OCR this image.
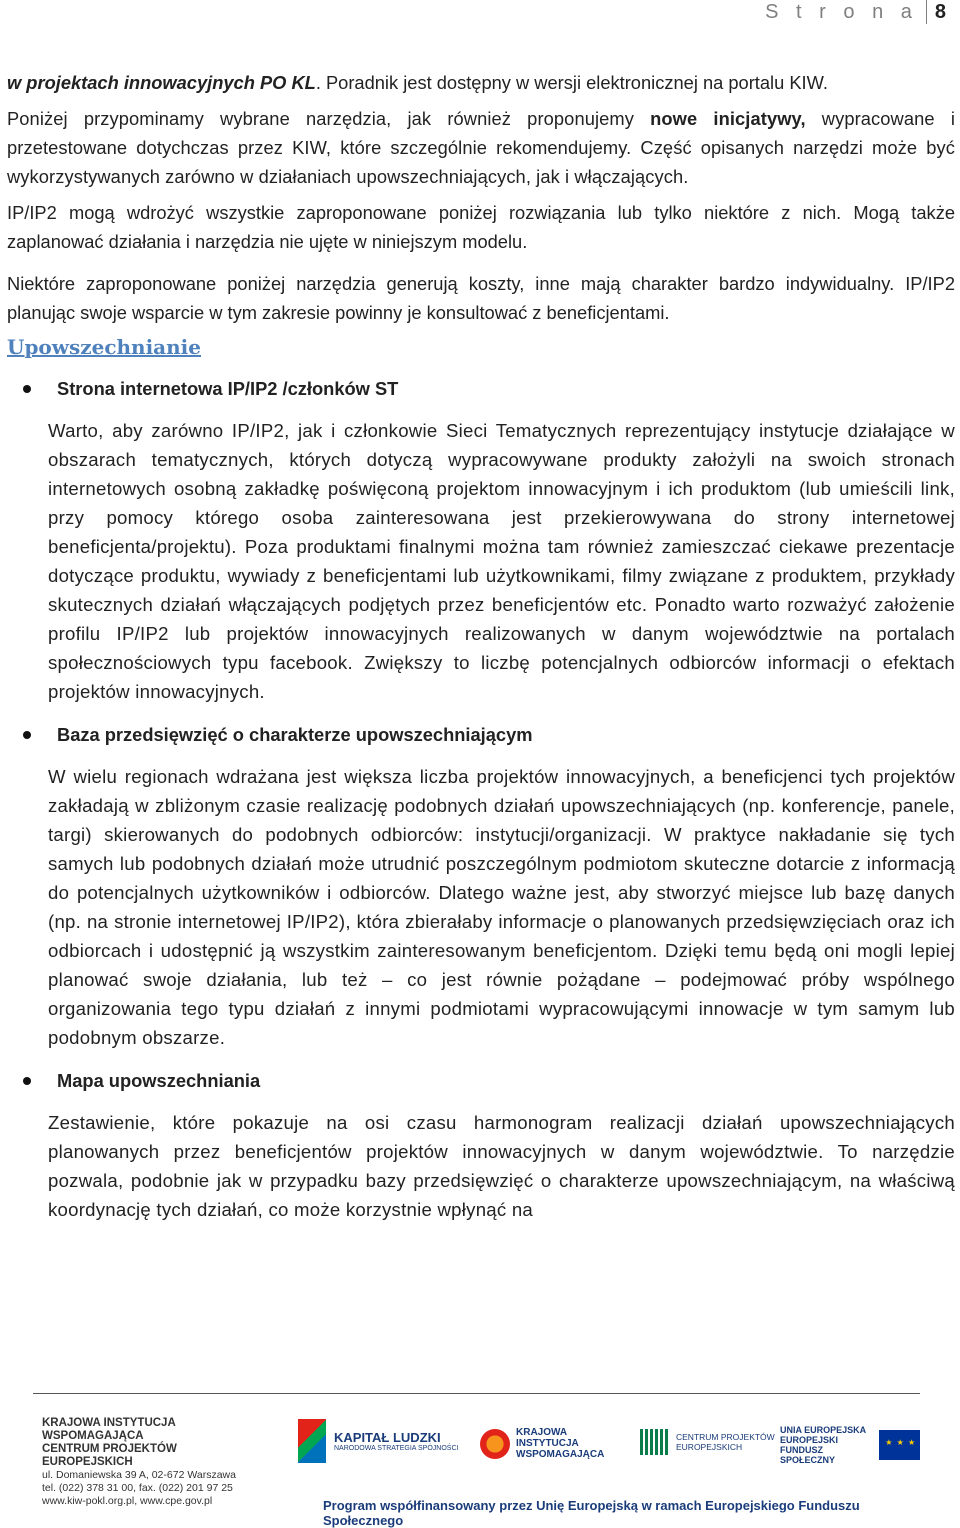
S t r o n a 8

w projektach innowacyjnych PO KL. Poradnik jest dostępny w wersji elektronicznej na portalu KIW.

Poniżej przypominamy wybrane narzędzia, jak również proponujemy nowe inicjatywy, wypracowane i przetestowane dotychczas przez KIW, które szczególnie rekomendujemy. Część opisanych narzędzi może być wykorzystywanych zarówno w działaniach upowszechniających, jak i włączających.

IP/IP2 mogą wdrożyć wszystkie zaproponowane poniżej rozwiązania lub tylko niektóre z nich. Mogą także zaplanować działania i narzędzia nie ujęte w niniejszym modelu.

Niektóre zaproponowane poniżej narzędzia generują koszty, inne mają charakter bardzo indywidualny. IP/IP2 planując swoje wsparcie w tym zakresie powinny je konsultować z beneficjentami.

Upowszechnianie
Strona internetowa IP/IP2 /członków ST
Warto, aby zarówno IP/IP2, jak i członkowie Sieci Tematycznych reprezentujący instytucje działające w obszarach tematycznych, których dotyczą wypracowywane produkty założyli na swoich stronach internetowych osobną zakładkę poświęconą projektom innowacyjnym i ich produktom (lub umieścili link, przy pomocy którego osoba zainteresowana jest przekierowywana do strony internetowej beneficjenta/projektu). Poza produktami finalnymi można tam również zamieszczać ciekawe prezentacje dotyczące produktu, wywiady z beneficjentami lub użytkownikami, filmy związane z produktem, przykłady skutecznych działań włączających podjętych przez beneficjentów etc. Ponadto warto rozważyć założenie profilu IP/IP2 lub projektów innowacyjnych realizowanych w danym województwie na portalach społecznościowych typu facebook. Zwiększy to liczbę potencjalnych odbiorców informacji o efektach projektów innowacyjnych.
Baza przedsięwzięć o charakterze upowszechniającym
W wielu regionach wdrażana jest większa liczba projektów innowacyjnych, a beneficjenci tych projektów zakładają w zbliżonym czasie realizację podobnych działań upowszechniających (np. konferencje, panele, targi) skierowanych do podobnych odbiorców: instytucji/organizacji. W praktyce nakładanie się tych samych lub podobnych działań może utrudnić poszczególnym podmiotom skuteczne dotarcie z informacją do potencjalnych użytkowników i odbiorców. Dlatego ważne jest, aby stworzyć miejsce lub bazę danych (np. na stronie internetowej IP/IP2), która zbierałaby informacje o planowanych przedsięwzięciach oraz ich odbiorcach i udostępnić ją wszystkim zainteresowanym beneficjentom. Dzięki temu będą oni mogli lepiej planować swoje działania, lub też – co jest równie pożądane – podejmować próby wspólnego organizowania tego typu działań z innymi podmiotami wypracowującymi innowacje w tym samym lub podobnym obszarze.
Mapa upowszechniania
Zestawienie, które pokazuje na osi czasu harmonogram realizacji działań upowszechniających planowanych przez beneficjentów projektów innowacyjnych w danym województwie. To narzędzie pozwala, podobnie jak w przypadku bazy przedsięwzięć o charakterze upowszechniającym, na właściwą koordynację tych działań, co może korzystnie wpłynąć na
KRAJOWA INSTYTUCJA WSPOMAGAJĄCA
CENTRUM PROJEKTÓW EUROPEJSKICH
ul. Domaniewska 39 A, 02-672 Warszawa
tel. (022) 378 31 00, fax. (022) 201 97 25
www.kiw-pokl.org.pl, www.cpe.gov.pl
KAPITAŁ LUDZKI
NARODOWA STRATEGIA SPÓJNOŚCI
KRAJOWA
INSTYTUCJA
WSPOMAGAJĄCA
CENTRUM PROJEKTÓW
EUROPEJSKICH
UNIA EUROPEJSKA
EUROPEJSKI
FUNDUSZ SPOŁECZNY
★ ★ ★
Program współfinansowany przez Unię Europejską w ramach Europejskiego Funduszu Społecznego
